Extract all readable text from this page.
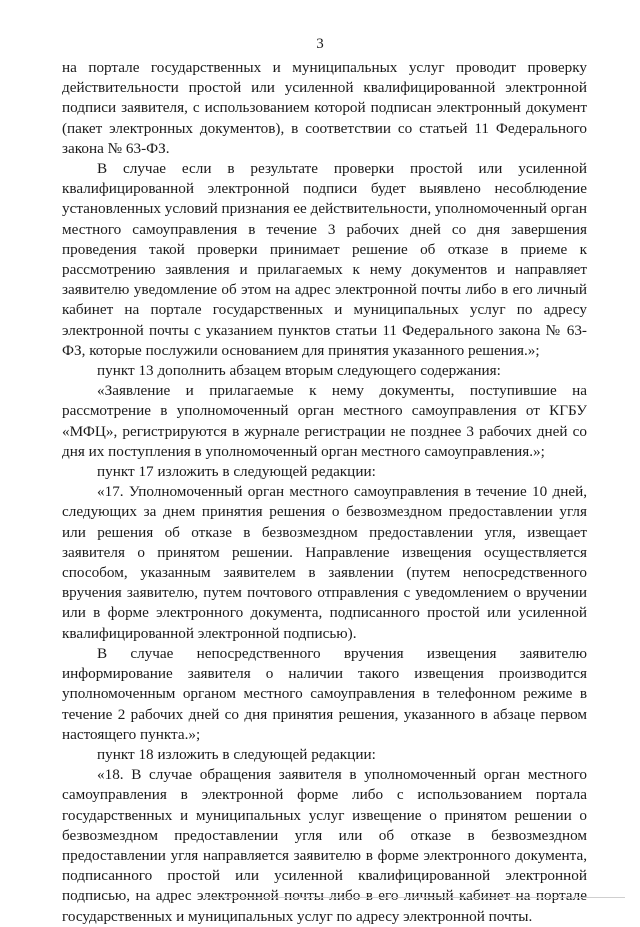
3

на портале государственных и муниципальных услуг проводит проверку действительности простой или усиленной квалифицированной электронной подписи заявителя, с использованием которой подписан электронный документ (пакет электронных документов), в соответствии со статьей 11 Федерального закона № 63-ФЗ.

В случае если в результате проверки простой или усиленной квалифицированной электронной подписи будет выявлено несоблюдение установленных условий признания ее действительности, уполномоченный орган местного самоуправления в течение 3 рабочих дней со дня завершения проведения такой проверки принимает решение об отказе в приеме к рассмотрению заявления и прилагаемых к нему документов и направляет заявителю уведомление об этом на адрес электронной почты либо в его личный кабинет на портале государственных и муниципальных услуг по адресу электронной почты с указанием пунктов статьи 11 Федерального закона № 63-ФЗ, которые послужили основанием для принятия указанного решения.»;

пункт 13 дополнить абзацем вторым следующего содержания:

«Заявление и прилагаемые к нему документы, поступившие на рассмотрение в уполномоченный орган местного самоуправления от КГБУ «МФЦ», регистрируются в журнале регистрации не позднее 3 рабочих дней со дня их поступления в уполномоченный орган местного самоуправления.»;

пункт 17 изложить в следующей редакции:

«17. Уполномоченный орган местного самоуправления в течение 10 дней, следующих за днем принятия решения о безвозмездном предоставлении угля или решения об отказе в безвозмездном предоставлении угля, извещает заявителя о принятом решении. Направление извещения осуществляется способом, указанным заявителем в заявлении (путем непосредственного вручения заявителю, путем почтового отправления с уведомлением о вручении или в форме электронного документа, подписанного простой или усиленной квалифицированной электронной подписью).

В случае непосредственного вручения извещения заявителю информирование заявителя о наличии такого извещения производится уполномоченным органом местного самоуправления в телефонном режиме в течение 2 рабочих дней со дня принятия решения, указанного в абзаце первом настоящего пункта.»;

пункт 18 изложить в следующей редакции:

«18. В случае обращения заявителя в уполномоченный орган местного самоуправления в электронной форме либо с использованием портала государственных и муниципальных услуг извещение о принятом решении о безвозмездном предоставлении угля или об отказе в безвозмездном предоставлении угля направляется заявителю в форме электронного документа, подписанного простой или усиленной квалифицированной электронной подписью, на адрес электронной почты либо в его личный кабинет на портале государственных и муниципальных услуг по адресу электронной почты.
